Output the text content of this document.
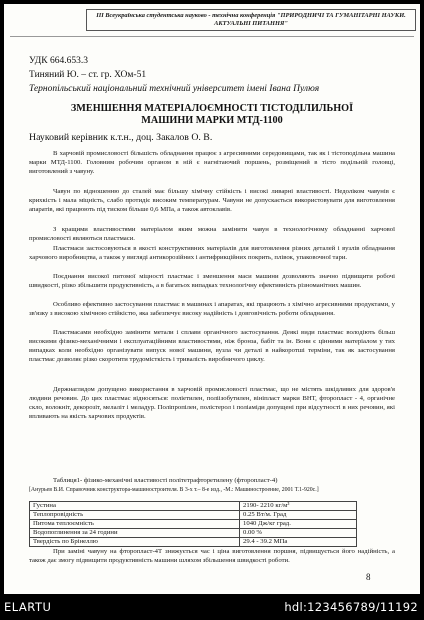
ІІІ Всеукраїнська студентська науково - технічна конференція "ПРИРОДНИЧІ ТА ГУМАНІТАРНІ НАУКИ.
АКТУАЛЬНІ ПИТАННЯ"
УДК 664.653.3
Тиняний Ю. – ст. гр. ХОм-51
Тернопільський національний технічний університет імені Івана Пулюя
ЗМЕНШЕННЯ МАТЕРІАЛОЄМНОСТІ ТІСТОДІЛИЛЬНОЇ
МАШИНИ МАРКИ МТД-1100
Науковий керівник к.т.н., доц. Закалов О. В.
В харчовій промисловості більшість обладнання працює з агресивними середовищами, так як і тістоподільна машина марки МТД-1100. Головним робочим органом в ній є нагнітаючий поршень, розміщений в тісто подільній головці, виготовлений з чавуну.
Чавун по відношенню до сталей має більшу хімічну стійкість і високі ливарні властивості. Недоліком чавунів є крихкість і мала міцність, слабо протидіє високим температурам. Чавуни не допускається використовувати для виготовлення апаратів, які працюють під тиском більше 0,6 МПа, а також автоклавів.
З кращими властивостями матеріалом яким можна замінити чавун в технологічному обладнанні харчової промисловості являються пластмаси.
Пластмаси застосовуються в якості конструктивних матеріалів для виготовлення різних деталей і вузлів обладнання харчового виробництва, а також у вигляді антикорозійних і антифрикційних покрить, плівок, упаковочної тари.
Поєднання високої питомої міцності пластмас і зменшення маси машини дозволяють значно підвищити робочі швидкості, різко збільшити продуктивність, а в багатьох випадках технологічну ефективність різноманітних машин.
Особливо ефективно застосування пластмас в машинах і апаратах, які працюють з хімічно агресивними продуктами, у зв'язку з високою хімічною стійкістю, яка забезпечує високу надійність і довговічність роботи обладнання.
Пластмасами необхідно замінити метали і сплави органічного застосування. Деякі види пластмас володіють більш високими фізико-механічними і експлуатаційними властивостями, ніж бронза, бабіт та ін. Вони є цінними матеріалом у тих випадках коли необхідно організувати випуск нової машини, вузла чи деталі в найкоротші терміни, так як застосування пластмас дозволяє різко скоротити трудомісткість і тривалість виробничого циклу.
Держнаглядом допущено використання в харчовій промисловості пластмас, що не містять шкідливих для здоров'я людини речовин. До цих пластмас відносяться: поліетилен, поліізобутилен, вініпласт марки ВНТ, фторопласт - 4, органічне скло, волокніт, декорозіт, мелаліт і меладур. Поліпропілен, полістерол і поліаміди допущені при відсутності в них речовин, які впливають на якість харчових продуктів.
Таблиця1- фізико-механічні властивості політетрафторетилену (фторопласт-4)
[Анурьев В.И. Справочник конструктора-машиностроителя. В 3-х т.– 8-е изд., -М.: Машиностроение, 2001 Т.1-920с.]
Густина	2190- 2210 кг/м³
Теплопровідність	0.25 Вт/м. Град
Питома теплоємність	1040 Дж/кг град.
Водопоглинення за 24 години	0.00 %
Твердість по Брінеллю	29.4 - 39.2 МПа
При заміні чавуну на фторопласт-4Т знижується час і ціна виготовлення поршня, підвищується його надійність, а також дає змогу підвищити продуктивність машини шляхом збільшення швидкості роботи.
8
ELARTU	hdl:123456789/11192
